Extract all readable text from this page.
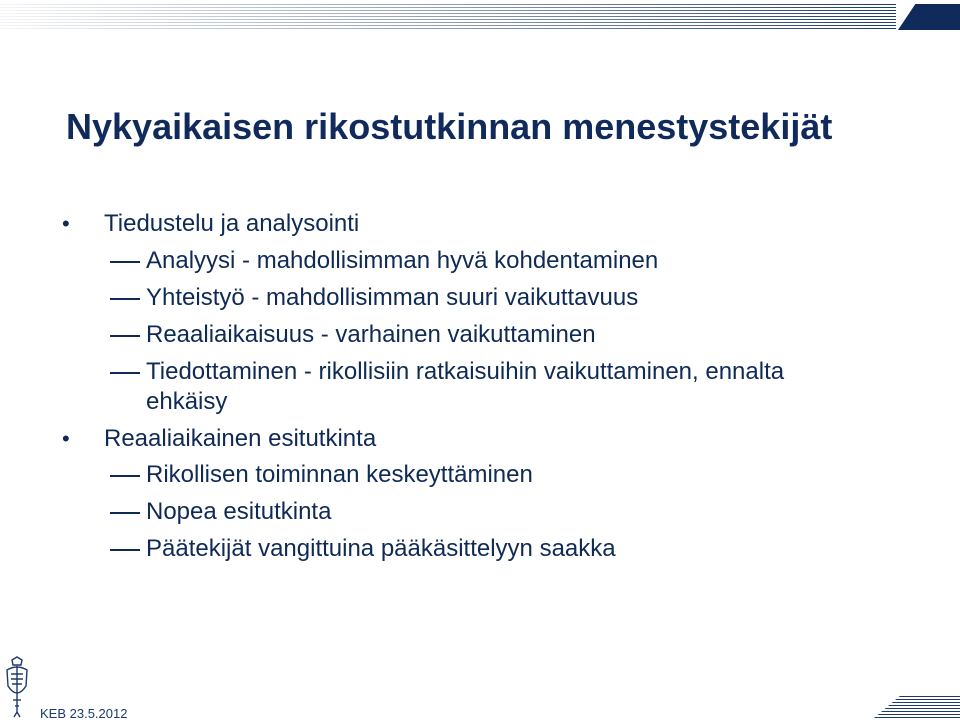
Nykyaikaisen rikostutkinnan menestystekijät
• Tiedustelu ja analysointi
Analyysi - mahdollisimman hyvä kohdentaminen
Yhteistyö - mahdollisimman suuri vaikuttavuus
Reaaliaikaisuus - varhainen vaikuttaminen
Tiedottaminen - rikollisiin ratkaisuihin vaikuttaminen, ennalta
ehkäisy
• Reaaliaikainen esitutkinta
Rikollisen toiminnan keskeyttäminen
Nopea esitutkinta
Päätekijät vangittuina pääkäsittelyyn saakka
KEB 23.5.2012
